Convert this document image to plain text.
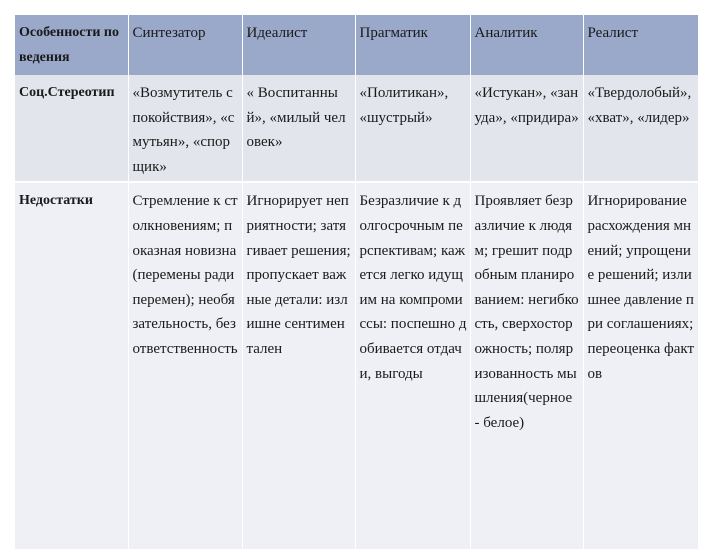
Особенности поведения	Синтезатор	Идеалист	Прагматик	Аналитик	Реалист
Соц.Стереотип	«Возмутитель спокойствия», «смутьян», «спорщик»	« Воспитанный», «милый человек»	«Политикан», «шустрый»	«Истукан», «зануда», «придира»	«Твердолобый», «хват», «лидер»
Недостатки	Стремление к столкновениям; показная новизна (перемены ради перемен); необязательность, безответственность	Игнорирует неприятности; затягивает решения; пропускает важные детали: излишне сентиментален	Безразличие к долгосрочным перспективам; кажется легко идущим на компромиссы: поспешно добивается отдачи, выгоды	Проявляет безразличие к людям; грешит подробным планированием: негибкость, сверхосторожность; поляризованность мышления(черное - белое)	Игнорирование расхождения мнений; упрощение решений; излишнее давление при соглашениях; переоценка фактов
